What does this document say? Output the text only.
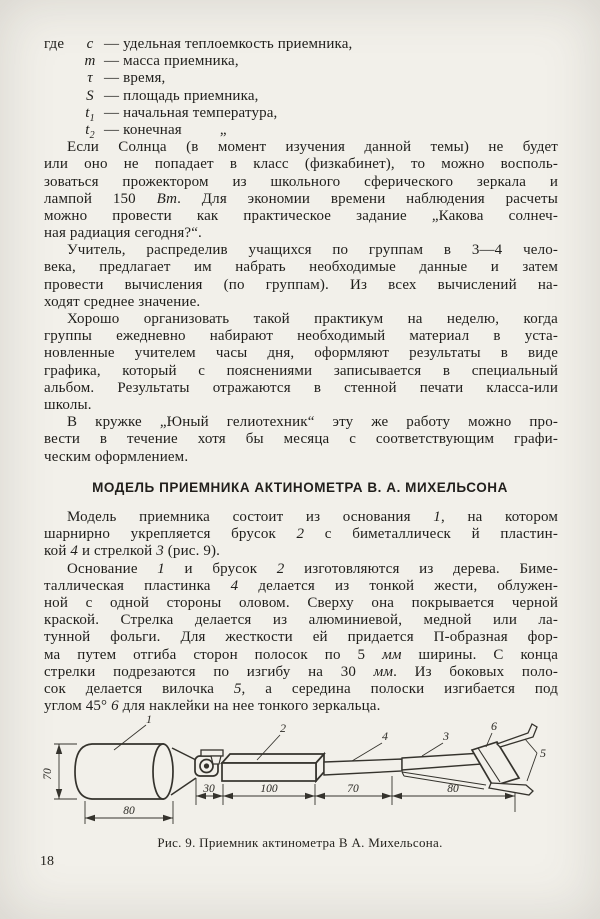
где c — удельная теплоемкость приемника,
m — масса приемника,
τ — время,
S — площадь приемника,
$t_1$ — начальная температура,
$t_2$ — конечная	„
Если Солнца (в момент изучения данной темы) не будет
или оно не попадает в класс (физкабинет), то можно восполь-
зоваться прожектором из школьного сферического зеркала и
лампой 150 Вт. Для экономии времени наблюдения расчеты
можно провести как практическое задание „Какова солнеч-
ная радиация сегодня?“.
Учитель, распределив учащихся по группам в 3—4 чело-
века, предлагает им набрать необходимые данные и затем
провести вычисления (по группам). Из всех вычислений на-
ходят среднее значение.
Хорошо организовать такой практикум на неделю, когда
группы ежедневно набирают необходимый материал в уста-
новленные учителем часы дня, оформляют результаты в виде
графика, который с пояснениями записывается в специальный
альбом. Результаты отражаются в стенной печати класса-или
школы.
В кружке „Юный гелиотехник“ эту же работу можно про-
вести в течение хотя бы месяца с соответствующим графи-
ческим оформлением.
МОДЕЛЬ ПРИЕМНИКА АКТИНОМЕТРА В. А. МИХЕЛЬСОНА
Модель приемника состоит из основания 1, на котором
шарнирно укрепляется брусок 2 с биметаллическ й пластин-
кой 4 и стрелкой 3 (рис. 9).
Основание 1 и брусок 2 изготовляются из дерева. Биме-
таллическая пластинка 4 делается из тонкой жести, облужен-
ной с одной стороны оловом. Сверху она покрывается черной
краской. Стрелка делается из алюминиевой, медной или ла-
тунной фольги. Для жесткости ей придается П-образная фор-
ма путем отгиба сторон полосок по 5 мм ширины. С конца
стрелки подрезаются по изгибу на 30 мм. Из боковых поло-
сок делается вилочка 5, а середина полоски изгибается под
углом 45° 6 для наклейки на нее тонкого зеркальца.
1
2
4	3
6
5
70
80
30	100	70	80
Рис. 9. Приемник актинометра В А. Михельсона.
18
